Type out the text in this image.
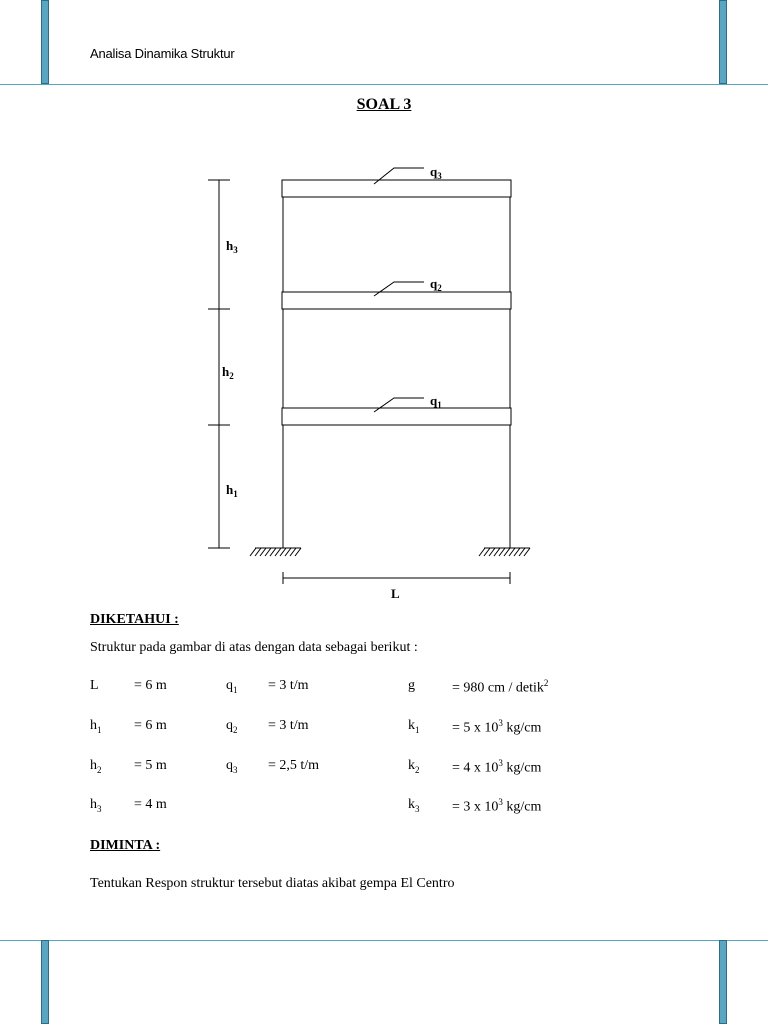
Analisa Dinamika Struktur
SOAL 3
$q_3$
$q_2$
$q_1$
$h_3$
$h_2$
$h_1$
L
DIKETAHUI :
Struktur pada gambar di atas dengan data sebagai berikut :
L	= 6 m	$q_1 = 3$ t/m	g	= 980 cm / detik$^2$
$h_1 = 6$ m	$q_2 = 3$ t/m	$k_1 = 5$ x $10^3$ kg/cm
$h_2 = 5$ m	$q_3 = 2,5$ t/m	$k_2 = 4$ x $10^3$ kg/cm
$h_3 = 4$ m	$k_3 = 3$ x $10^3$ kg/cm
DIMINTA :
Tentukan Respon struktur tersebut diatas akibat gempa El Centro
